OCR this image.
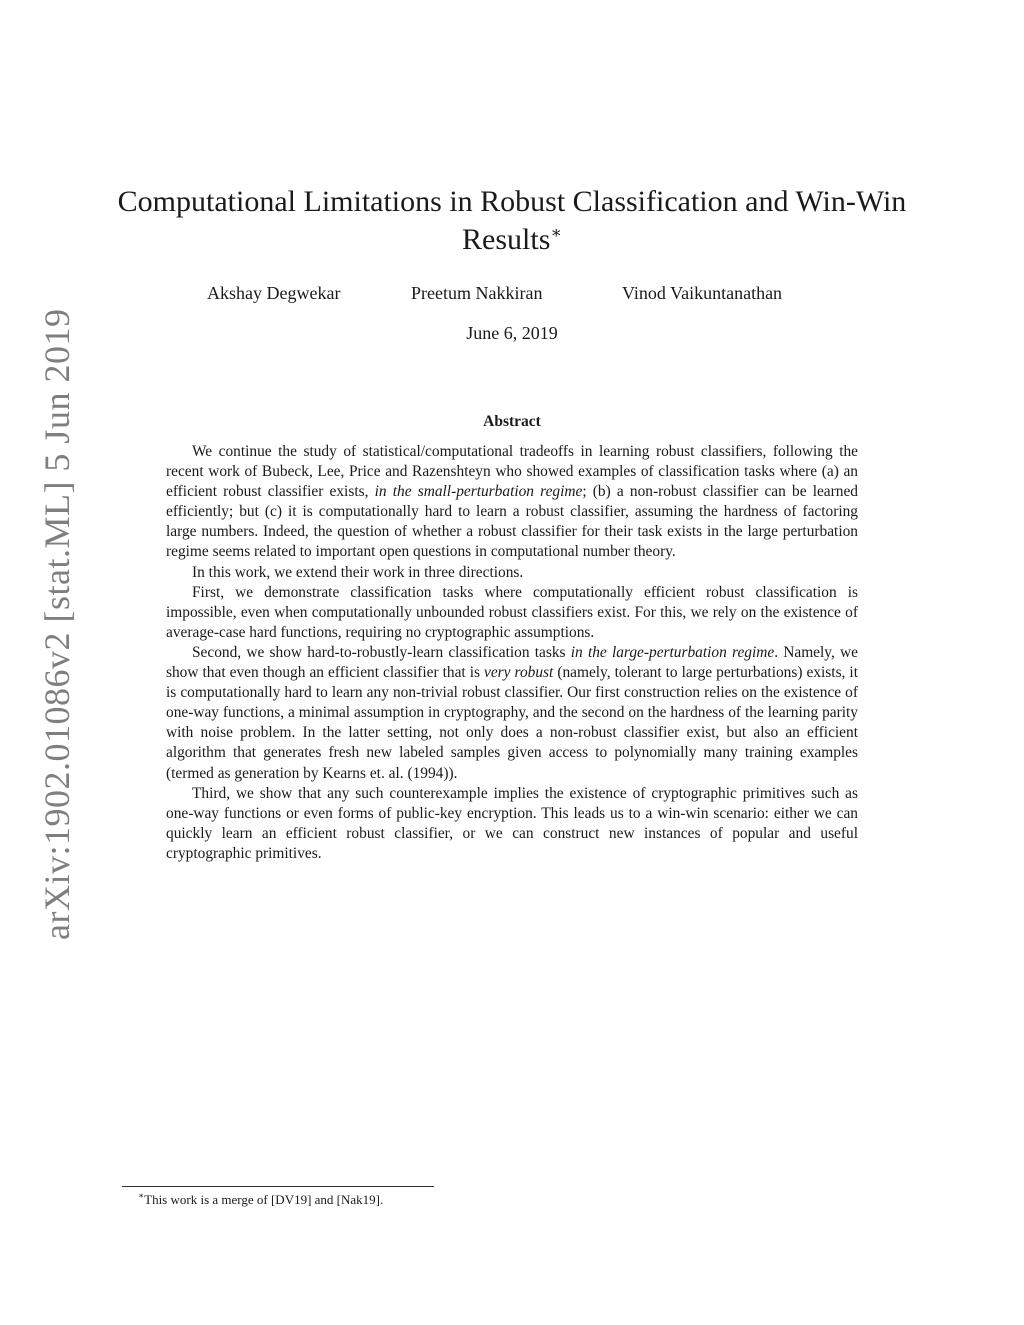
arXiv:1902.01086v2 [stat.ML] 5 Jun 2019
Computational Limitations in Robust Classification and Win-Win Results∗
Akshay Degwekar	Preetum Nakkiran	Vinod Vaikuntanathan
June 6, 2019
Abstract

We continue the study of statistical/computational tradeoffs in learning robust classifiers, following the recent work of Bubeck, Lee, Price and Razenshteyn who showed examples of classification tasks where (a) an efficient robust classifier exists, in the small-perturbation regime; (b) a non-robust classifier can be learned efficiently; but (c) it is computationally hard to learn a robust classifier, assuming the hardness of factoring large numbers. Indeed, the question of whether a robust classifier for their task exists in the large perturbation regime seems related to important open questions in computational number theory.

In this work, we extend their work in three directions.

First, we demonstrate classification tasks where computationally efficient robust classification is impossible, even when computationally unbounded robust classifiers exist. For this, we rely on the existence of average-case hard functions, requiring no cryptographic assumptions.

Second, we show hard-to-robustly-learn classification tasks in the large-perturbation regime. Namely, we show that even though an efficient classifier that is very robust (namely, tolerant to large perturbations) exists, it is computationally hard to learn any non-trivial robust classifier. Our first construction relies on the existence of one-way functions, a minimal assumption in cryptography, and the second on the hardness of the learning parity with noise problem. In the latter setting, not only does a non-robust classifier exist, but also an efficient algorithm that generates fresh new labeled samples given access to polynomially many training examples (termed as generation by Kearns et. al. (1994)).

Third, we show that any such counterexample implies the existence of cryptographic primitives such as one-way functions or even forms of public-key encryption. This leads us to a win-win scenario: either we can quickly learn an efficient robust classifier, or we can construct new instances of popular and useful cryptographic primitives.

∗This work is a merge of [DV19] and [Nak19].
